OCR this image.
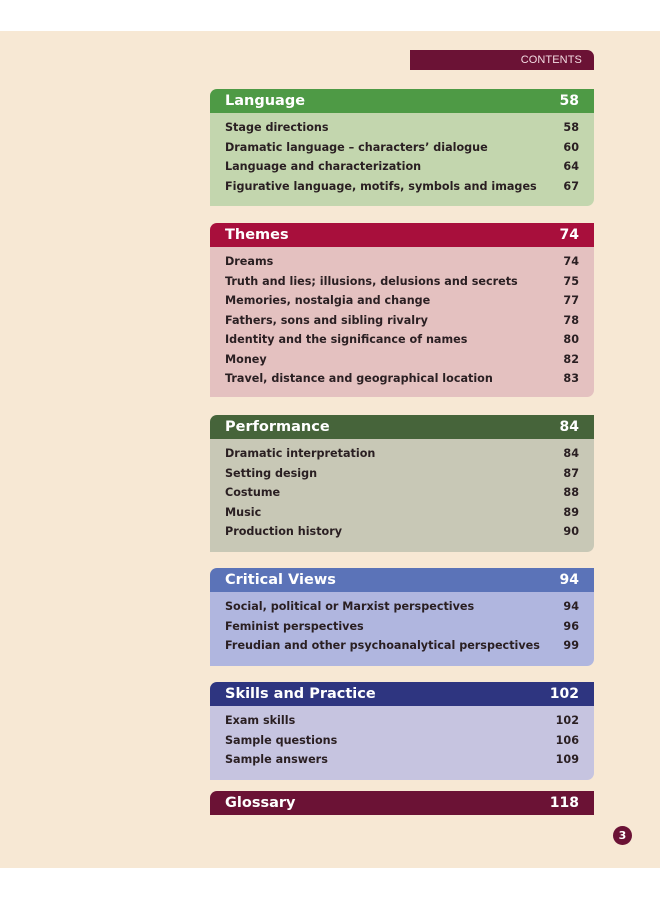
CONTENTS
Language	58
Stage directions	58
Dramatic language – characters’ dialogue	60
Language and characterization	64
Figurative language, motifs, symbols and images 67
Themes	74
Dreams	74
Truth and lies; illusions, delusions and secrets	75
Memories, nostalgia and change	77
Fathers, sons and sibling rivalry	78
Identity and the significance of names	80
Money	82
Travel, distance and geographical location	83
Performance	84
Dramatic interpretation	84
Setting design	87
Costume	88
Music	89
Production history	90
Critical Views	94
Social, political or Marxist perspectives	94
Feminist perspectives	96
Freudian and other psychoanalytical perspectives 99
Skills and Practice	102
Exam skills	102
Sample questions	106
Sample answers	109
Glossary	118
3
